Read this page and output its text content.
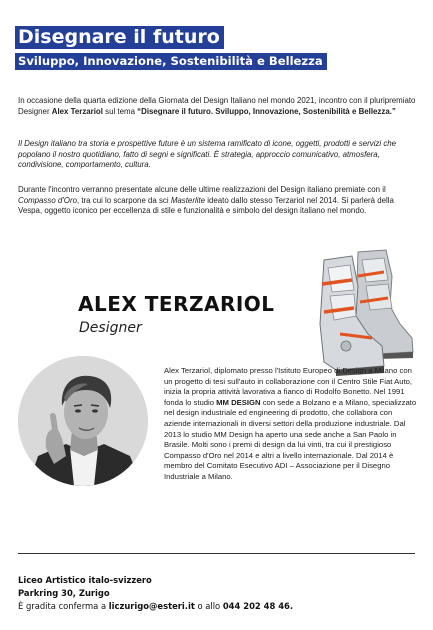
Disegnare il futuro
Sviluppo, Innovazione, Sostenibilità e Bellezza

In occasione della quarta edizione della Giornata del Design Italiano nel mondo 2021, incontro con il pluripremiato Designer Alex Terzariol sul tema “Disegnare il futuro. Sviluppo, Innovazione, Sostenibilità e Bellezza.”

Il Design italiano tra storia e prospettive future è un sistema ramificato di icone, oggetti, prodotti e servizi che popolano il nostro quotidiano, fatto di segni e significati. È strategia, approccio comunicativo, atmosfera, condivisione, comportamento, cultura.

Durante l'incontro verranno presentate alcune delle ultime realizzazioni del Design italiano premiate con il Compasso d'Oro, tra cui lo scarpone da sci Masterlite ideato dallo stesso Terzariol nel 2014. Si parlerà della Vespa, oggetto iconico per eccellenza di stile e funzionalità e simbolo del design italiano nel mondo.

ALEX TERZARIOL
Designer

Alex Terzariol, diplomato presso l'Istituto Europeo di Design a Milano con un progetto di tesi sull'auto in collaborazione con il Centro Stile Fiat Auto, inizia la propria attività lavorativa a fianco di Rodolfo Bonetto. Nel 1991 fonda lo studio MM DESIGN con sede a Bolzano e a Milano, specializzato nel design industriale ed engineering di prodotto, che collabora con aziende internazionali in diversi settori della produzione industriale. Dal 2013 lo studio MM Design ha aperto una sede anche a San Paolo in Brasile. Molti sono i premi di design da lui vinti, tra cui il prestigioso Compasso d'Oro nel 2014 e altri a livello internazionale. Dal 2014 è membro del Comitato Esecutivo ADI – Associazione per il Disegno Industriale a Milano.

Liceo Artistico italo-svizzero
Parkring 30, Zurigo
È gradita conferma a liczurigo@esteri.it o allo 044 202 48 46.
